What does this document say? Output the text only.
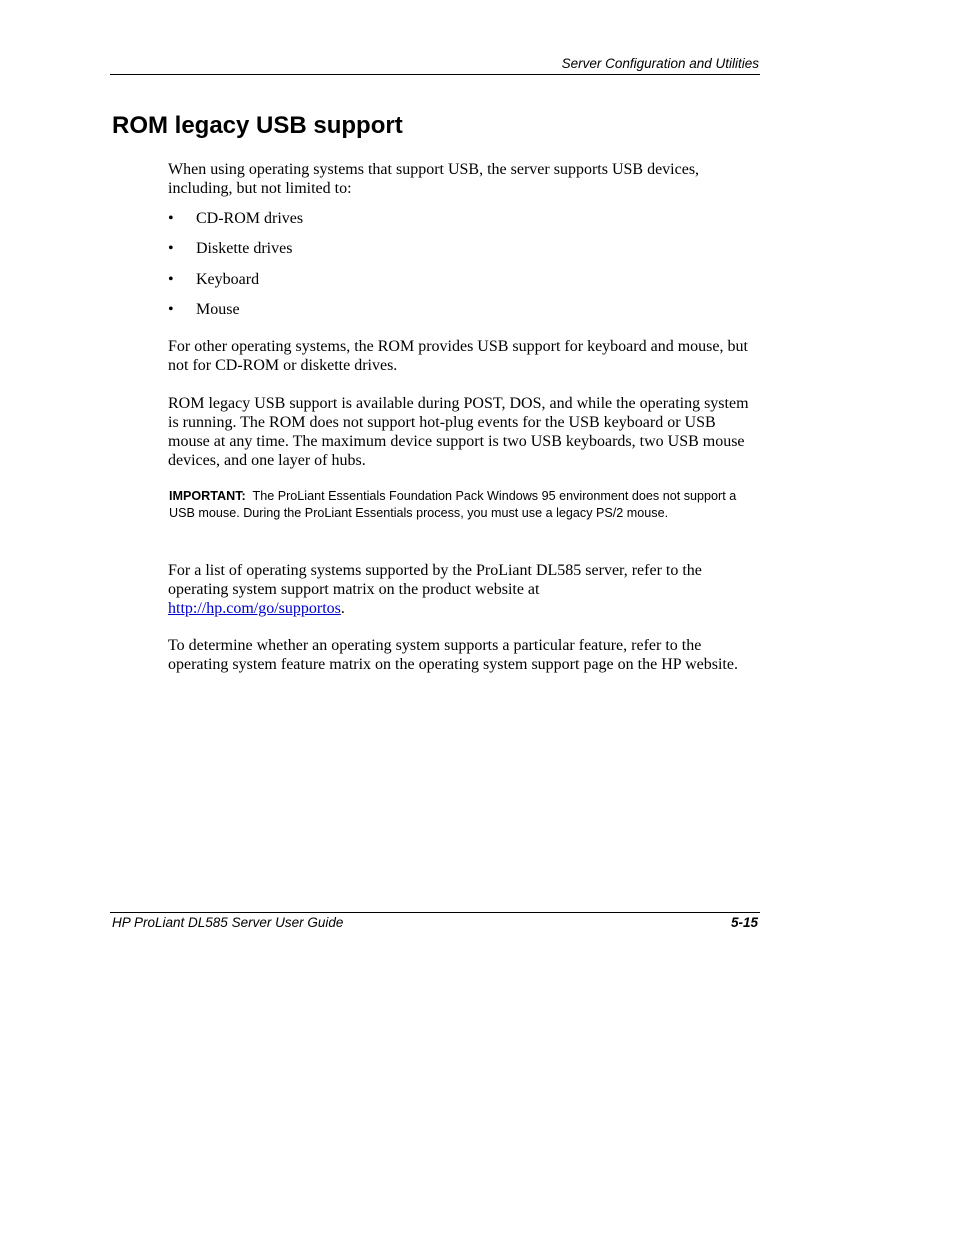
Server Configuration and Utilities
ROM legacy USB support

When using operating systems that support USB, the server supports USB devices, including, but not limited to:

•	CD-ROM drives
•	Diskette drives
•	Keyboard
•	Mouse

For other operating systems, the ROM provides USB support for keyboard and mouse, but not for CD-ROM or diskette drives.

ROM legacy USB support is available during POST, DOS, and while the operating system is running. The ROM does not support hot-plug events for the USB keyboard or USB mouse at any time. The maximum device support is two USB keyboards, two USB mouse devices, and one layer of hubs.

IMPORTANT: The ProLiant Essentials Foundation Pack Windows 95 environment does not support a USB mouse. During the ProLiant Essentials process, you must use a legacy PS/2 mouse.

For a list of operating systems supported by the ProLiant DL585 server, refer to the operating system support matrix on the product website at
http://hp.com/go/supportos.

To determine whether an operating system supports a particular feature, refer to the operating system feature matrix on the operating system support page on the HP website.

HP ProLiant DL585 Server User Guide	5-15
